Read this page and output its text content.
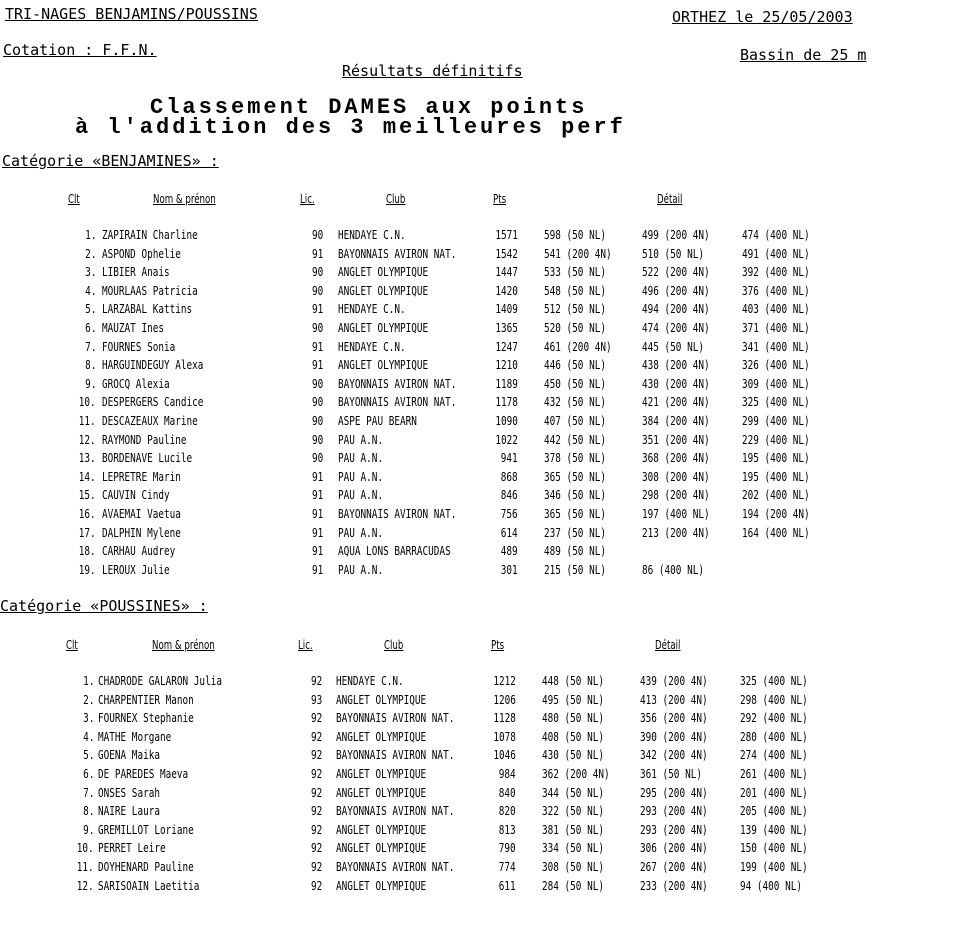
TRI-NAGES BENJAMINS/POUSSINS	ORTHEZ le 25/05/2003
Cotation : F.F.N.	Bassin de 25 m
Résultats définitifs
Classement DAMES aux points
à l'addition des 3 meilleures perf
Catégorie «BENJAMINES» :
Clt	Nom & prénon	Lic.	Club	Pts	Détail
1. ZAPIRAIN Charline	90 HENDAYE C.N.	1571 598 (50 NL)	499 (200 4N)	474 (400 NL)
2. ASPOND Ophelie	91 BAYONNAIS AVIRON NAT.	1542 541 (200 4N)	510 (50 NL)	491 (400 NL)
3. LIBIER Anais	90 ANGLET OLYMPIQUE	1447 533 (50 NL)	522 (200 4N)	392 (400 NL)
4. MOURLAAS Patricia	90 ANGLET OLYMPIQUE	1420 548 (50 NL)	496 (200 4N)	376 (400 NL)
5. LARZABAL Kattins	91 HENDAYE C.N.	1409 512 (50 NL)	494 (200 4N)	403 (400 NL)
6. MAUZAT Ines	90 ANGLET OLYMPIQUE	1365 520 (50 NL)	474 (200 4N)	371 (400 NL)
7. FOURNES Sonia	91 HENDAYE C.N.	1247 461 (200 4N)	445 (50 NL)	341 (400 NL)
8. HARGUINDEGUY Alexa	91 ANGLET OLYMPIQUE	1210 446 (50 NL)	438 (200 4N)	326 (400 NL)
9. GROCQ Alexia	90 BAYONNAIS AVIRON NAT.	1189 450 (50 NL)	430 (200 4N)	309 (400 NL)
10. DESPERGERS Candice	90 BAYONNAIS AVIRON NAT.	1178 432 (50 NL)	421 (200 4N)	325 (400 NL)
11. DESCAZEAUX Marine	90 ASPE PAU BEARN	1090 407 (50 NL)	384 (200 4N)	299 (400 NL)
12. RAYMOND Pauline	90 PAU A.N.	1022 442 (50 NL)	351 (200 4N)	229 (400 NL)
13. BORDENAVE Lucile	90 PAU A.N.	941 378 (50 NL)	368 (200 4N)	195 (400 NL)
14. LEPRETRE Marin	91 PAU A.N.	868 365 (50 NL)	308 (200 4N)	195 (400 NL)
15. CAUVIN Cindy	91 PAU A.N.	846 346 (50 NL)	298 (200 4N)	202 (400 NL)
16. AVAEMAI Vaetua	91 BAYONNAIS AVIRON NAT.	756 365 (50 NL)	197 (400 NL)	194 (200 4N)
17. DALPHIN Mylene	91 PAU A.N.	614 237 (50 NL)	213 (200 4N)	164 (400 NL)
18. CARHAU Audrey	91 AQUA LONS BARRACUDAS	489 489 (50 NL)
19. LEROUX Julie	91 PAU A.N.	301 215 (50 NL)	86 (400 NL)
Catégorie «POUSSINES» :
Clt	Nom & prénon	Lic.	Club	Pts	Détail
1. CHADRODE GALARON Julia	92 HENDAYE C.N.	1212 448 (50 NL)	439 (200 4N)	325 (400 NL)
2. CHARPENTIER Manon	93 ANGLET OLYMPIQUE	1206 495 (50 NL)	413 (200 4N)	298 (400 NL)
3. FOURNEX Stephanie	92 BAYONNAIS AVIRON NAT.	1128 480 (50 NL)	356 (200 4N)	292 (400 NL)
4. MATHE Morgane	92 ANGLET OLYMPIQUE	1078 408 (50 NL)	390 (200 4N)	280 (400 NL)
5. GOENA Maika	92 BAYONNAIS AVIRON NAT.	1046 430 (50 NL)	342 (200 4N)	274 (400 NL)
6. DE PAREDES Maeva	92 ANGLET OLYMPIQUE	984 362 (200 4N)	361 (50 NL)	261 (400 NL)
7. ONSES Sarah	92 ANGLET OLYMPIQUE	840 344 (50 NL)	295 (200 4N)	201 (400 NL)
8. NAIRE Laura	92 BAYONNAIS AVIRON NAT.	820 322 (50 NL)	293 (200 4N)	205 (400 NL)
9. GREMILLOT Loriane	92 ANGLET OLYMPIQUE	813 381 (50 NL)	293 (200 4N)	139 (400 NL)
10. PERRET Leire	92 ANGLET OLYMPIQUE	790 334 (50 NL)	306 (200 4N)	150 (400 NL)
11. DOYHENARD Pauline	92 BAYONNAIS AVIRON NAT.	774 308 (50 NL)	267 (200 4N)	199 (400 NL)
12. SARISOAIN Laetitia	92 ANGLET OLYMPIQUE	611 284 (50 NL)	233 (200 4N)	94 (400 NL)
